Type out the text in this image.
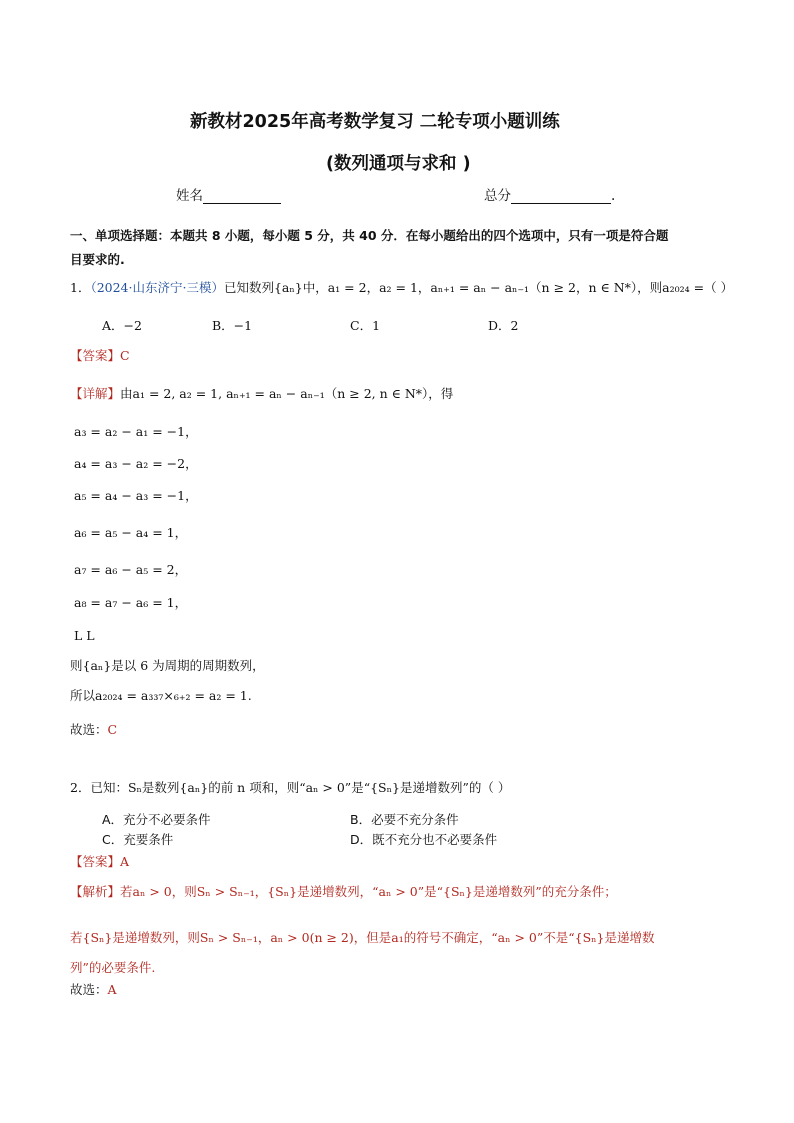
新教材2025年高考数学复习 二轮专项小题训练
(数列通项与求和 )
姓名	总分	.
一、单项选择题：本题共 8 小题，每小题 5 分，共 40 分．在每小题给出的四个选项中，只有一项是符合题
目要求的.
1．（2024·山东济宁·三模）已知数列{aₙ}中，a₁ = 2，a₂ = 1，aₙ₊₁ = aₙ − aₙ₋₁（n ≥ 2，n ∈ N*），则a₂₀₂₄ =（ ）
A．−2	B．−1	C．1	D．2
【答案】C
【详解】由a₁ = 2, a₂ = 1, aₙ₊₁ = aₙ − aₙ₋₁（n ≥ 2, n ∈ N*），得
a₃ = a₂ − a₁ = −1，
a₄ = a₃ − a₂ = −2，
a₅ = a₄ − a₃ = −1，
a₆ = a₅ − a₄ = 1，
a₇ = a₆ − a₅ = 2，
a₈ = a₇ − a₆ = 1，
L L
则{aₙ}是以 6 为周期的周期数列，
所以a₂₀₂₄ = a₃₃₇×₆₊₂ = a₂ = 1.
故选：C
2．已知：Sₙ是数列{aₙ}的前 n 项和，则“aₙ > 0”是“{Sₙ}是递增数列”的（ ）
A．充分不必要条件	B．必要不充分条件
C．充要条件	D．既不充分也不必要条件
【答案】A
【解析】若aₙ > 0，则Sₙ > Sₙ₋₁，{Sₙ}是递增数列，“aₙ > 0”是“{Sₙ}是递增数列”的充分条件；
若{Sₙ}是递增数列，则Sₙ > Sₙ₋₁，aₙ > 0(n ≥ 2)，但是a₁的符号不确定，“aₙ > 0”不是“{Sₙ}是递增数
列”的必要条件.
故选：A
